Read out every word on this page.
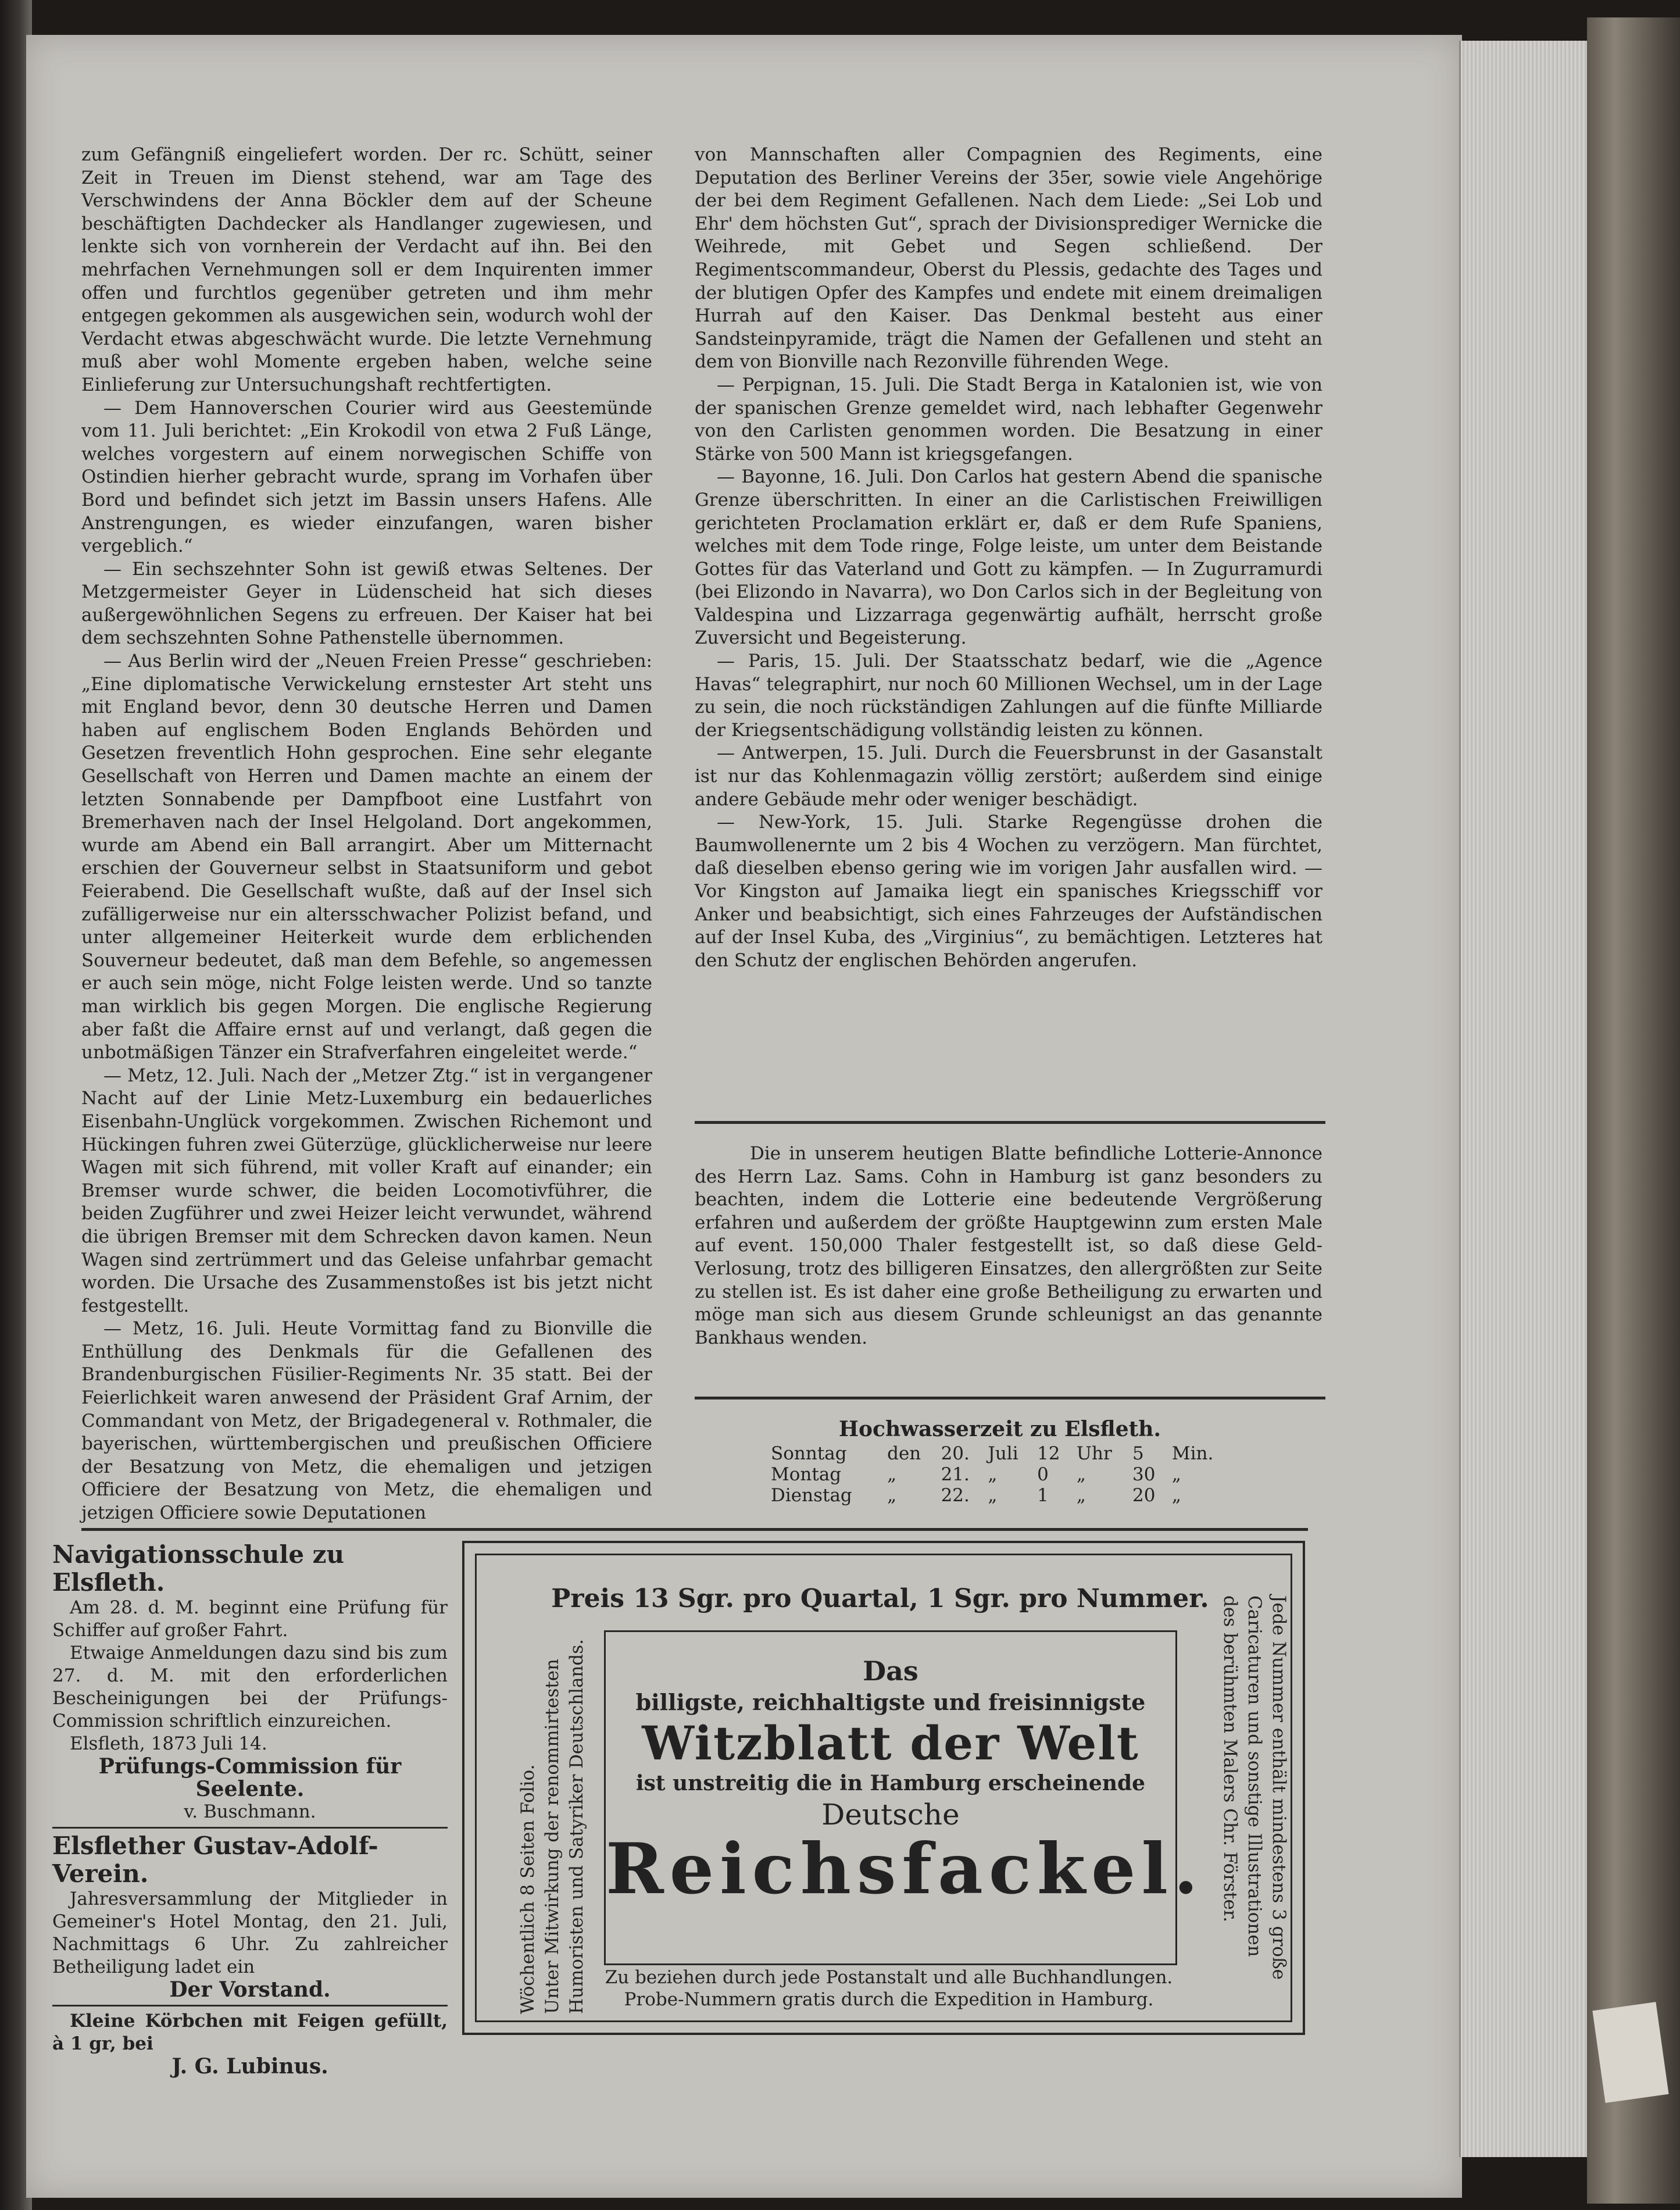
zum Gefängniß eingeliefert worden. Der rc. Schütt, seiner Zeit in Treuen im Dienst stehend, war am Tage des Verschwindens der Anna Böckler dem auf der Scheune beschäftigten Dachdecker als Handlanger zugewiesen, und lenkte sich von vornherein der Verdacht auf ihn. Bei den mehrfachen Vernehmungen soll er dem Inquirenten immer offen und furchtlos gegenüber getreten und ihm mehr entgegen gekommen als ausgewichen sein, wodurch wohl der Verdacht etwas abgeschwächt wurde. Die letzte Vernehmung muß aber wohl Momente ergeben haben, welche seine Einlieferung zur Untersuchungshaft rechtfertigten.

— Dem Hannoverschen Courier wird aus Geestemünde vom 11. Juli berichtet: „Ein Krokodil von etwa 2 Fuß Länge, welches vorgestern auf einem norwegischen Schiffe von Ostindien hierher gebracht wurde, sprang im Vorhafen über Bord und befindet sich jetzt im Bassin unsers Hafens. Alle Anstrengungen, es wieder einzufangen, waren bisher vergeblich.“

— Ein sechszehnter Sohn ist gewiß etwas Seltenes. Der Metzgermeister Geyer in Lüdenscheid hat sich dieses außergewöhnlichen Segens zu erfreuen. Der Kaiser hat bei dem sechszehnten Sohne Pathenstelle übernommen.

— Aus Berlin wird der „Neuen Freien Presse“ geschrieben: „Eine diplomatische Verwickelung ernstester Art steht uns mit England bevor, denn 30 deutsche Herren und Damen haben auf englischem Boden Englands Behörden und Gesetzen freventlich Hohn gesprochen. Eine sehr elegante Gesellschaft von Herren und Damen machte an einem der letzten Sonnabende per Dampfboot eine Lustfahrt von Bremerhaven nach der Insel Helgoland. Dort angekommen, wurde am Abend ein Ball arrangirt. Aber um Mitternacht erschien der Gouverneur selbst in Staatsuniform und gebot Feierabend. Die Gesellschaft wußte, daß auf der Insel sich zufälligerweise nur ein altersschwacher Polizist befand, und unter allgemeiner Heiterkeit wurde dem erblichenden Souverneur bedeutet, daß man dem Befehle, so angemessen er auch sein möge, nicht Folge leisten werde. Und so tanzte man wirklich bis gegen Morgen. Die englische Regierung aber faßt die Affaire ernst auf und verlangt, daß gegen die unbotmäßigen Tänzer ein Strafverfahren eingeleitet werde.“

— Metz, 12. Juli. Nach der „Metzer Ztg.“ ist in vergangener Nacht auf der Linie Metz-Luxemburg ein bedauerliches Eisenbahn-Unglück vorgekommen. Zwischen Richemont und Hückingen fuhren zwei Güterzüge, glücklicherweise nur leere Wagen mit sich führend, mit voller Kraft auf einander; ein Bremser wurde schwer, die beiden Locomotivführer, die beiden Zugführer und zwei Heizer leicht verwundet, während die übrigen Bremser mit dem Schrecken davon kamen. Neun Wagen sind zertrümmert und das Geleise unfahrbar gemacht worden. Die Ursache des Zusammenstoßes ist bis jetzt nicht festgestellt.

— Metz, 16. Juli. Heute Vormittag fand zu Bionville die Enthüllung des Denkmals für die Gefallenen des Brandenburgischen Füsilier-Regiments Nr. 35 statt. Bei der Feierlichkeit waren anwesend der Präsident Graf Arnim, der Commandant von Metz, der Brigadegeneral v. Rothmaler, die bayerischen, württembergischen und preußischen Officiere der Besatzung von Metz, die ehemaligen und jetzigen Officiere der Besatzung von Metz, die ehemaligen und jetzigen Officiere sowie Deputationen

von Mannschaften aller Compagnien des Regiments, eine Deputation des Berliner Vereins der 35er, sowie viele Angehörige der bei dem Regiment Gefallenen. Nach dem Liede: „Sei Lob und Ehr' dem höchsten Gut“, sprach der Divisionsprediger Wernicke die Weihrede, mit Gebet und Segen schließend. Der Regimentscommandeur, Oberst du Plessis, gedachte des Tages und der blutigen Opfer des Kampfes und endete mit einem dreimaligen Hurrah auf den Kaiser. Das Denkmal besteht aus einer Sandsteinpyramide, trägt die Namen der Gefallenen und steht an dem von Bionville nach Rezonville führenden Wege.

— Perpignan, 15. Juli. Die Stadt Berga in Katalonien ist, wie von der spanischen Grenze gemeldet wird, nach lebhafter Gegenwehr von den Carlisten genommen worden. Die Besatzung in einer Stärke von 500 Mann ist kriegsgefangen.

— Bayonne, 16. Juli. Don Carlos hat gestern Abend die spanische Grenze überschritten. In einer an die Carlistischen Freiwilligen gerichteten Proclamation erklärt er, daß er dem Rufe Spaniens, welches mit dem Tode ringe, Folge leiste, um unter dem Beistande Gottes für das Vaterland und Gott zu kämpfen. — In Zugurramurdi (bei Elizondo in Navarra), wo Don Carlos sich in der Begleitung von Valdespina und Lizzarraga gegenwärtig aufhält, herrscht große Zuversicht und Begeisterung.

— Paris, 15. Juli. Der Staatsschatz bedarf, wie die „Agence Havas“ telegraphirt, nur noch 60 Millionen Wechsel, um in der Lage zu sein, die noch rückständigen Zahlungen auf die fünfte Milliarde der Kriegsentschädigung vollständig leisten zu können.

— Antwerpen, 15. Juli. Durch die Feuersbrunst in der Gasanstalt ist nur das Kohlenmagazin völlig zerstört; außerdem sind einige andere Gebäude mehr oder weniger beschädigt.

— New-York, 15. Juli. Starke Regengüsse drohen die Baumwollenernte um 2 bis 4 Wochen zu verzögern. Man fürchtet, daß dieselben ebenso gering wie im vorigen Jahr ausfallen wird. — Vor Kingston auf Jamaika liegt ein spanisches Kriegsschiff vor Anker und beabsichtigt, sich eines Fahrzeuges der Aufständischen auf der Insel Kuba, des „Virginius“, zu bemächtigen. Letzteres hat den Schutz der englischen Behörden angerufen.

Die in unserem heutigen Blatte befindliche Lotterie-Annonce des Herrn Laz. Sams. Cohn in Hamburg ist ganz besonders zu beachten, indem die Lotterie eine bedeutende Vergrößerung erfahren und außerdem der größte Hauptgewinn zum ersten Male auf event. 150,000 Thaler festgestellt ist, so daß diese Geld-Verlosung, trotz des billigeren Einsatzes, den allergrößten zur Seite zu stellen ist. Es ist daher eine große Betheiligung zu erwarten und möge man sich aus diesem Grunde schleunigst an das genannte Bankhaus wenden.

Hochwasserzeit zu Elsfleth.
Sonntag	den	20.	Juli	12	Uhr	5	Min.
Montag	„	21.	„	0	„	30	„
Dienstag	„	22.	„	1	„	20	„
Navigationsschule zu Elsfleth.
Am 28. d. M. beginnt eine Prüfung für Schiffer auf großer Fahrt.
Etwaige Anmeldungen dazu sind bis zum 27. d. M. mit den erforderlichen Bescheinigungen bei der Prüfungs-Commission schriftlich einzureichen.
Elsfleth, 1873 Juli 14.
Prüfungs-Commission für Seelente.
v. Buschmann.
Elsflether Gustav-Adolf-Verein.
Jahresversammlung der Mitglieder in Gemeiner's Hotel Montag, den 21. Juli, Nachmittags 6 Uhr. Zu zahlreicher Betheiligung ladet ein
Der Vorstand.
Kleine Körbchen mit Feigen gefüllt, à 1 gr, bei
J. G. Lubinus.
Preis 13 Sgr. pro Quartal, 1 Sgr. pro Nummer.
Wöchentlich 8 Seiten Folio. Unter Mitwirkung der renommirtesten Humoristen und Satyriker Deutschlands.	Jede Nummer enthält mindestens 3 große
Caricaturen und sonstige Illustrationen
des berühmten Malers Chr. Förster.
Das
billigste, reichhaltigste und freisinnigste
Witzblatt der Welt
ist unstreitig die in Hamburg erscheinende
Deutsche
Reichsfackel.
Zu beziehen durch jede Postanstalt und alle Buchhandlungen.
Probe-Nummern gratis durch die Expedition in Hamburg.
